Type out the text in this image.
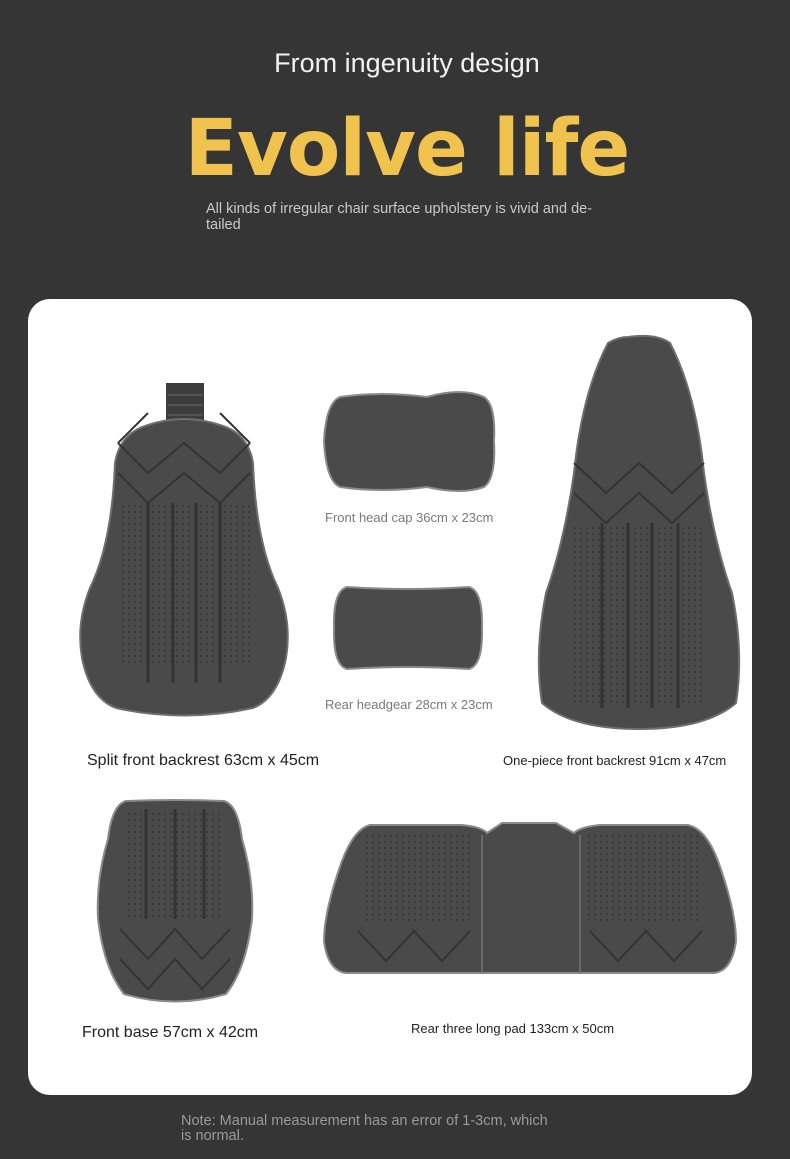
From ingenuity design
Evolve life
All kinds of irregular chair surface upholstery is vivid and de-
tailed
Split front backrest 63cm x 45cm
Front head cap 36cm x 23cm
Rear headgear 28cm x 23cm
One-piece front backrest 91cm x 47cm
Front base 57cm x 42cm	Rear three long pad 133cm x 50cm
Note: Manual measurement has an error of 1-3cm, which
is normal.
